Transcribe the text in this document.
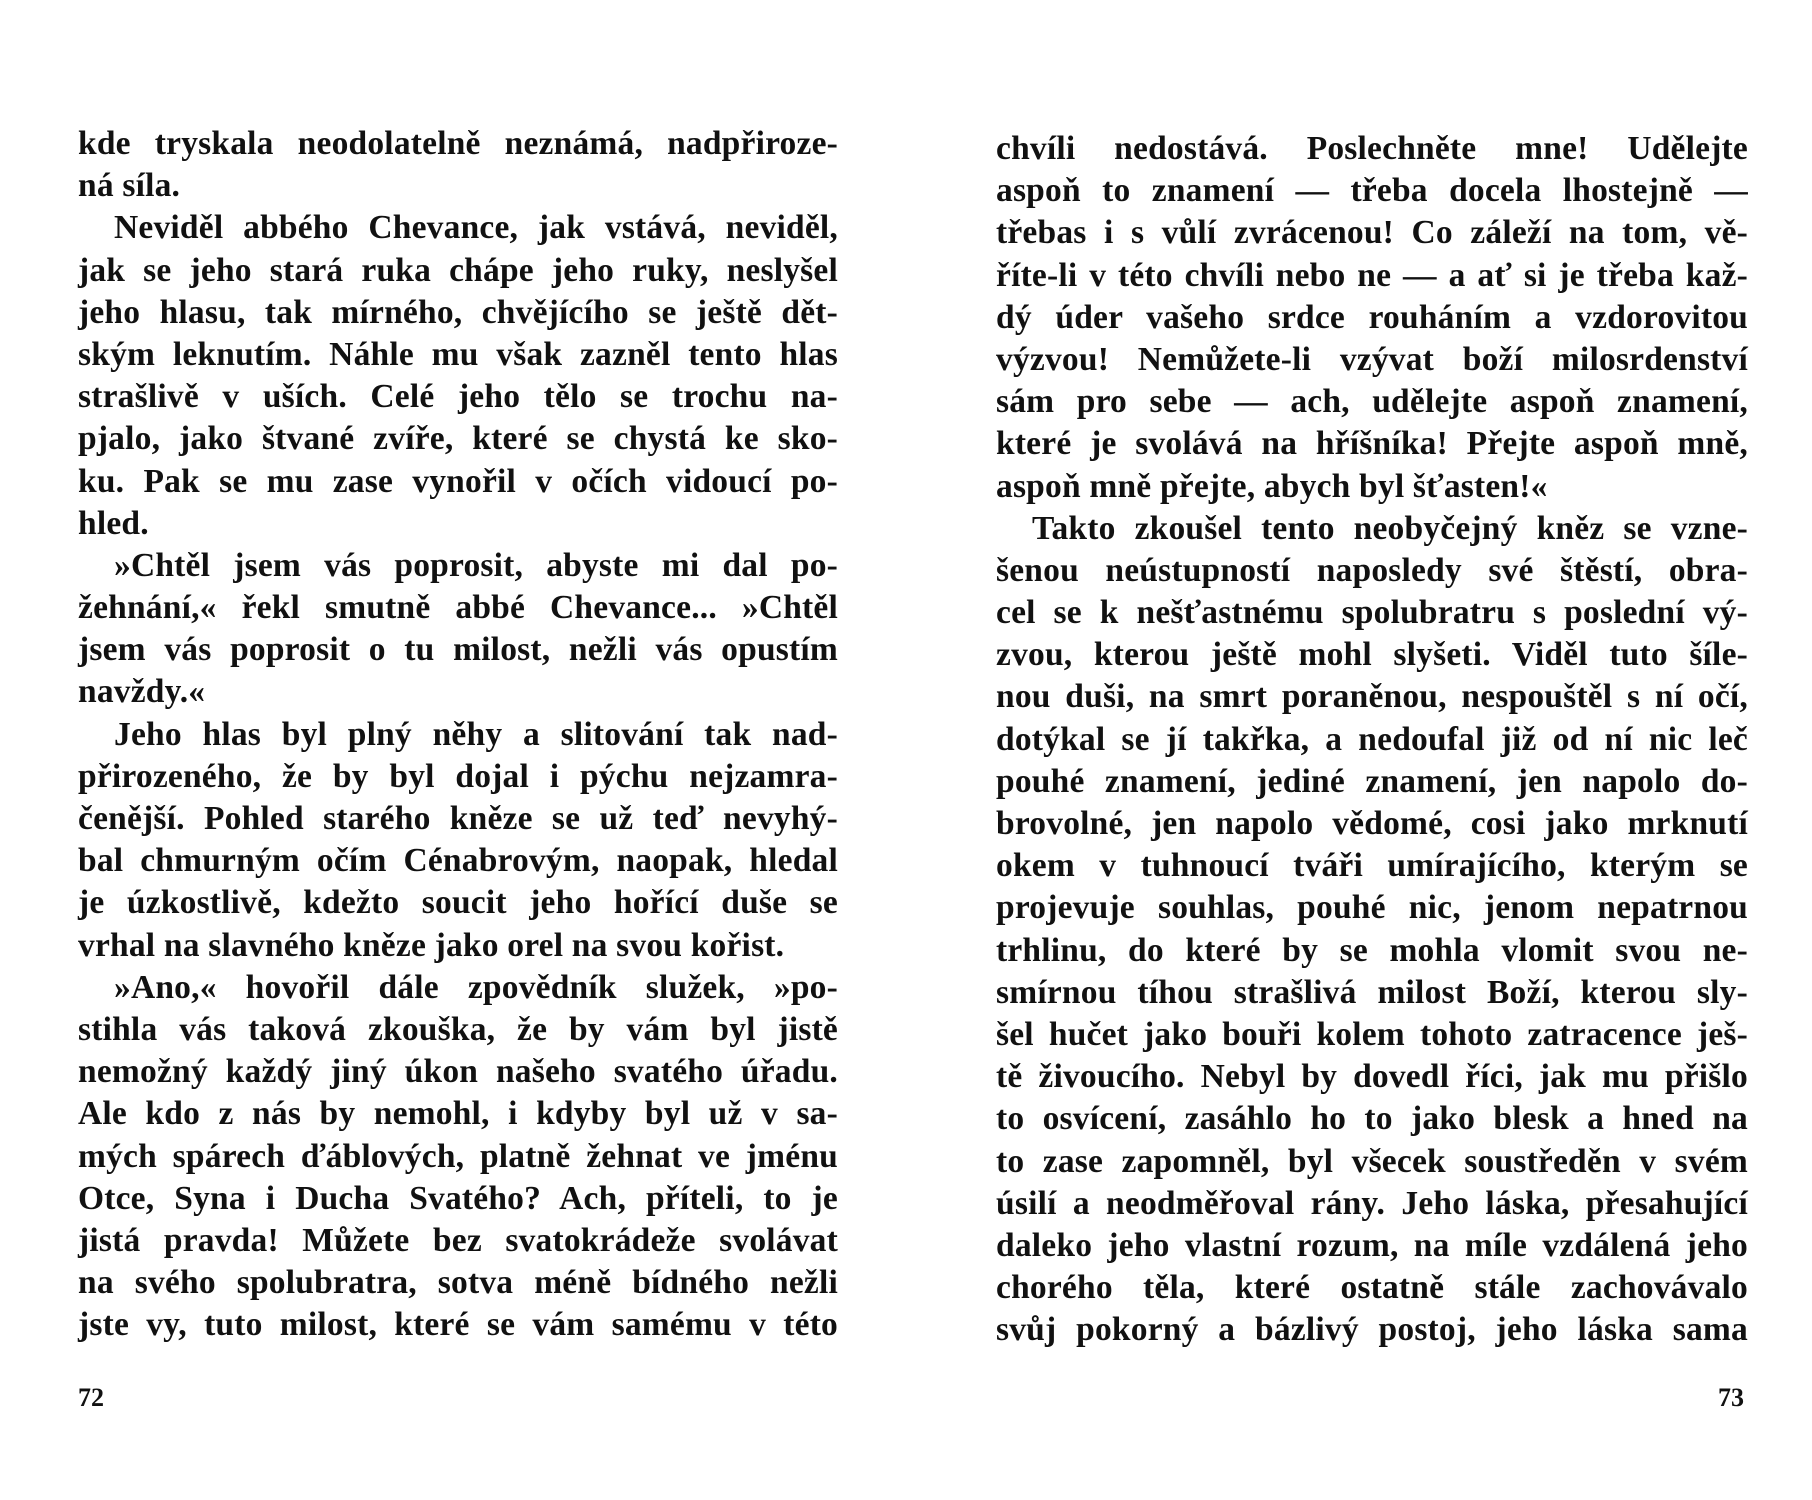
kde tryskala neodolatelně neznámá, nadpřiroze-
ná síla.
Neviděl abbého Chevance, jak vstává, neviděl,
jak se jeho stará ruka chápe jeho ruky, neslyšel
jeho hlasu, tak mírného, chvějícího se ještě dět-
ským leknutím. Náhle mu však zazněl tento hlas
strašlivě v uších. Celé jeho tělo se trochu na-
pjalo, jako štvané zvíře, které se chystá ke sko-
ku. Pak se mu zase vynořil v očích vidoucí po-
hled.
»Chtěl jsem vás poprosit, abyste mi dal po-
žehnání,« řekl smutně abbé Chevance... »Chtěl
jsem vás poprosit o tu milost, nežli vás opustím
navždy.«
Jeho hlas byl plný něhy a slitování tak nad-
přirozeného, že by byl dojal i pýchu nejzamra-
čenější. Pohled starého kněze se už teď nevyhý-
bal chmurným očím Cénabrovým, naopak, hledal
je úzkostlivě, kdežto soucit jeho hořící duše se
vrhal na slavného kněze jako orel na svou kořist.
»Ano,« hovořil dále zpovědník služek, »po-
stihla vás taková zkouška, že by vám byl jistě
nemožný každý jiný úkon našeho svatého úřadu.
Ale kdo z nás by nemohl, i kdyby byl už v sa-
mých spárech ďáblových, platně žehnat ve jménu
Otce, Syna i Ducha Svatého? Ach, příteli, to je
jistá pravda! Můžete bez svatokrádeže svolávat
na svého spolubratra, sotva méně bídného nežli
jste vy, tuto milost, které se vám samému v této
72
chvíli nedostává. Poslechněte mne! Udělejte
aspoň to znamení — třeba docela lhostejně —
třebas i s vůlí zvrácenou! Co záleží na tom, vě-
říte-li v této chvíli nebo ne — a ať si je třeba kaž-
dý úder vašeho srdce rouháním a vzdorovitou
výzvou! Nemůžete-li vzývat boží milosrdenství
sám pro sebe — ach, udělejte aspoň znamení,
které je svolává na hříšníka! Přejte aspoň mně,
aspoň mně přejte, abych byl šťasten!«
Takto zkoušel tento neobyčejný kněz se vzne-
šenou neústupností naposledy své štěstí, obra-
cel se k nešťastnému spolubratru s poslední vý-
zvou, kterou ještě mohl slyšeti. Viděl tuto šíle-
nou duši, na smrt poraněnou, nespouštěl s ní očí,
dotýkal se jí takřka, a nedoufal již od ní nic leč
pouhé znamení, jediné znamení, jen napolo do-
brovolné, jen napolo vědomé, cosi jako mrknutí
okem v tuhnoucí tváři umírajícího, kterým se
projevuje souhlas, pouhé nic, jenom nepatrnou
trhlinu, do které by se mohla vlomit svou ne-
smírnou tíhou strašlivá milost Boží, kterou sly-
šel hučet jako bouři kolem tohoto zatracence ješ-
tě živoucího. Nebyl by dovedl říci, jak mu přišlo
to osvícení, zasáhlo ho to jako blesk a hned na
to zase zapomněl, byl všecek soustředěn v svém
úsilí a neodměřoval rány. Jeho láska, přesahující
daleko jeho vlastní rozum, na míle vzdálená jeho
chorého těla, které ostatně stále zachovávalo
svůj pokorný a bázlivý postoj, jeho láska sama
73
